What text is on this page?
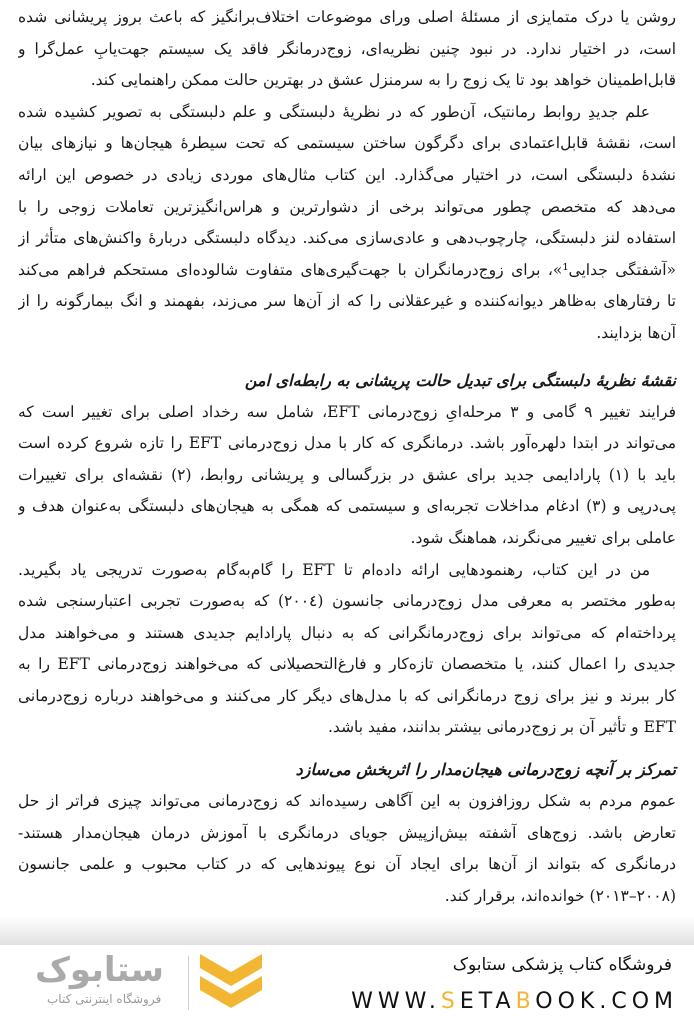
روشن یا درک متمایزی از مسئلهٔ اصلی ورای موضوعات اختلاف‌برانگیز که باعث بروز پریشانی شده
است، در اختیار ندارد. در نبود چنین نظریه‌ای، زوج‌درمانگر فاقد یک سیستم جهت‌یابِ عمل‌گرا و
قابل‌اطمینان خواهد بود تا یک زوج را به سرمنزل عشق در بهترین حالت ممکن راهنمایی کند.
علم جدیدِ روابط رمانتیک، آن‌طور که در نظریهٔ دلبستگی و علم دلبستگی به تصویر کشیده شده
است، نقشهٔ قابل‌اعتمادی برای دگرگون ساختن سیستمی که تحت سیطرهٔ هیجان‌ها و نیازهای بیان
نشدهٔ دلبستگی است، در اختیار می‌گذارد. این کتاب مثال‌های موردی زیادی در خصوص این ارائه
می‌دهد که متخصص چطور می‌تواند برخی از دشوارترین و هراس‌انگیزترین تعاملات زوجی را با
استفاده لنز دلبستگی، چارچوب‌دهی و عادی‌سازی می‌کند. دیدگاه دلبستگی دربارهٔ واکنش‌های متأثر از
«آشفتگی جدایی¹»، برای زوج‌درمانگران با جهت‌گیری‌های متفاوت شالوده‌ای مستحکم فراهم می‌کند
تا رفتارهای به‌ظاهر دیوانه‌کننده و غیرعقلانی را که از آن‌ها سر می‌زند، بفهمند و انگ بیمارگونه را از
آن‌ها بزدایند.
نقشهٔ نظریهٔ دلبستگی برای تبدیل حالت پریشانی به رابطه‌ای امن
فرایند تغییر ۹ گامی و ۳ مرحله‌ایِ زوج‌درمانی EFT، شامل سه رخداد اصلی برای تغییر است که
می‌تواند در ابتدا دلهره‌آور باشد. درمانگری که کار با مدل زوج‌درمانی EFT را تازه شروع کرده است
باید با (۱) پارادایمی جدید برای عشق در بزرگسالی و پریشانی روابط، (۲) نقشه‌ای برای تغییرات
پی‌درپی و (۳) ادغام مداخلات تجربه‌ای و سیستمی که همگی به هیجان‌های دلبستگی به‌عنوان هدف و
عاملی برای تغییر می‌نگرند، هماهنگ شود.
من در این کتاب، رهنمودهایی ارائه داده‌ام تا EFT را گام‌به‌گام به‌صورت تدریجی یاد بگیرید.
به‌طور مختصر به معرفی مدل زوج‌درمانی جانسون (۲۰۰٤) که به‌صورت تجربی اعتبارسنجی شده
پرداخته‌ام که می‌تواند برای زوج‌درمانگرانی که به دنبال پارادایم جدیدی هستند و می‌خواهند مدل
جدیدی را اعمال کنند، یا متخصصان تازه‌کار و فارغ‌التحصیلانی که می‌خواهند زوج‌درمانی EFT را به
کار ببرند و نیز برای زوج درمانگرانی که با مدل‌های دیگر کار می‌کنند و می‌خواهند درباره زوج‌درمانی
EFT و تأثیر آن بر زوج‌درمانی بیشتر بدانند، مفید باشد.
تمرکز بر آنچه زوج‌درمانی هیجان‌مدار را اثربخش می‌سازد
عموم مردم به شکل روزافزون به این آگاهی رسیده‌اند که زوج‌درمانی می‌تواند چیزی فراتر از حل
تعارض باشد. زوج‌های آشفته بیش‌ازپیش جویای درمانگری با آموزش درمان هیجان‌مدار هستند-
درمانگری که بتواند از آن‌ها برای ایجاد آن نوع پیوندهایی که در کتاب محبوب و علمی جانسون
(۲۰۰۸–۲۰۱۳) خوانده‌اند، برقرار کند.
ستابوک
فروشگاه اینترنتی کتاب
فروشگاه کتاب پزشکی ستابوک
WWW.SETABOOK.COM
